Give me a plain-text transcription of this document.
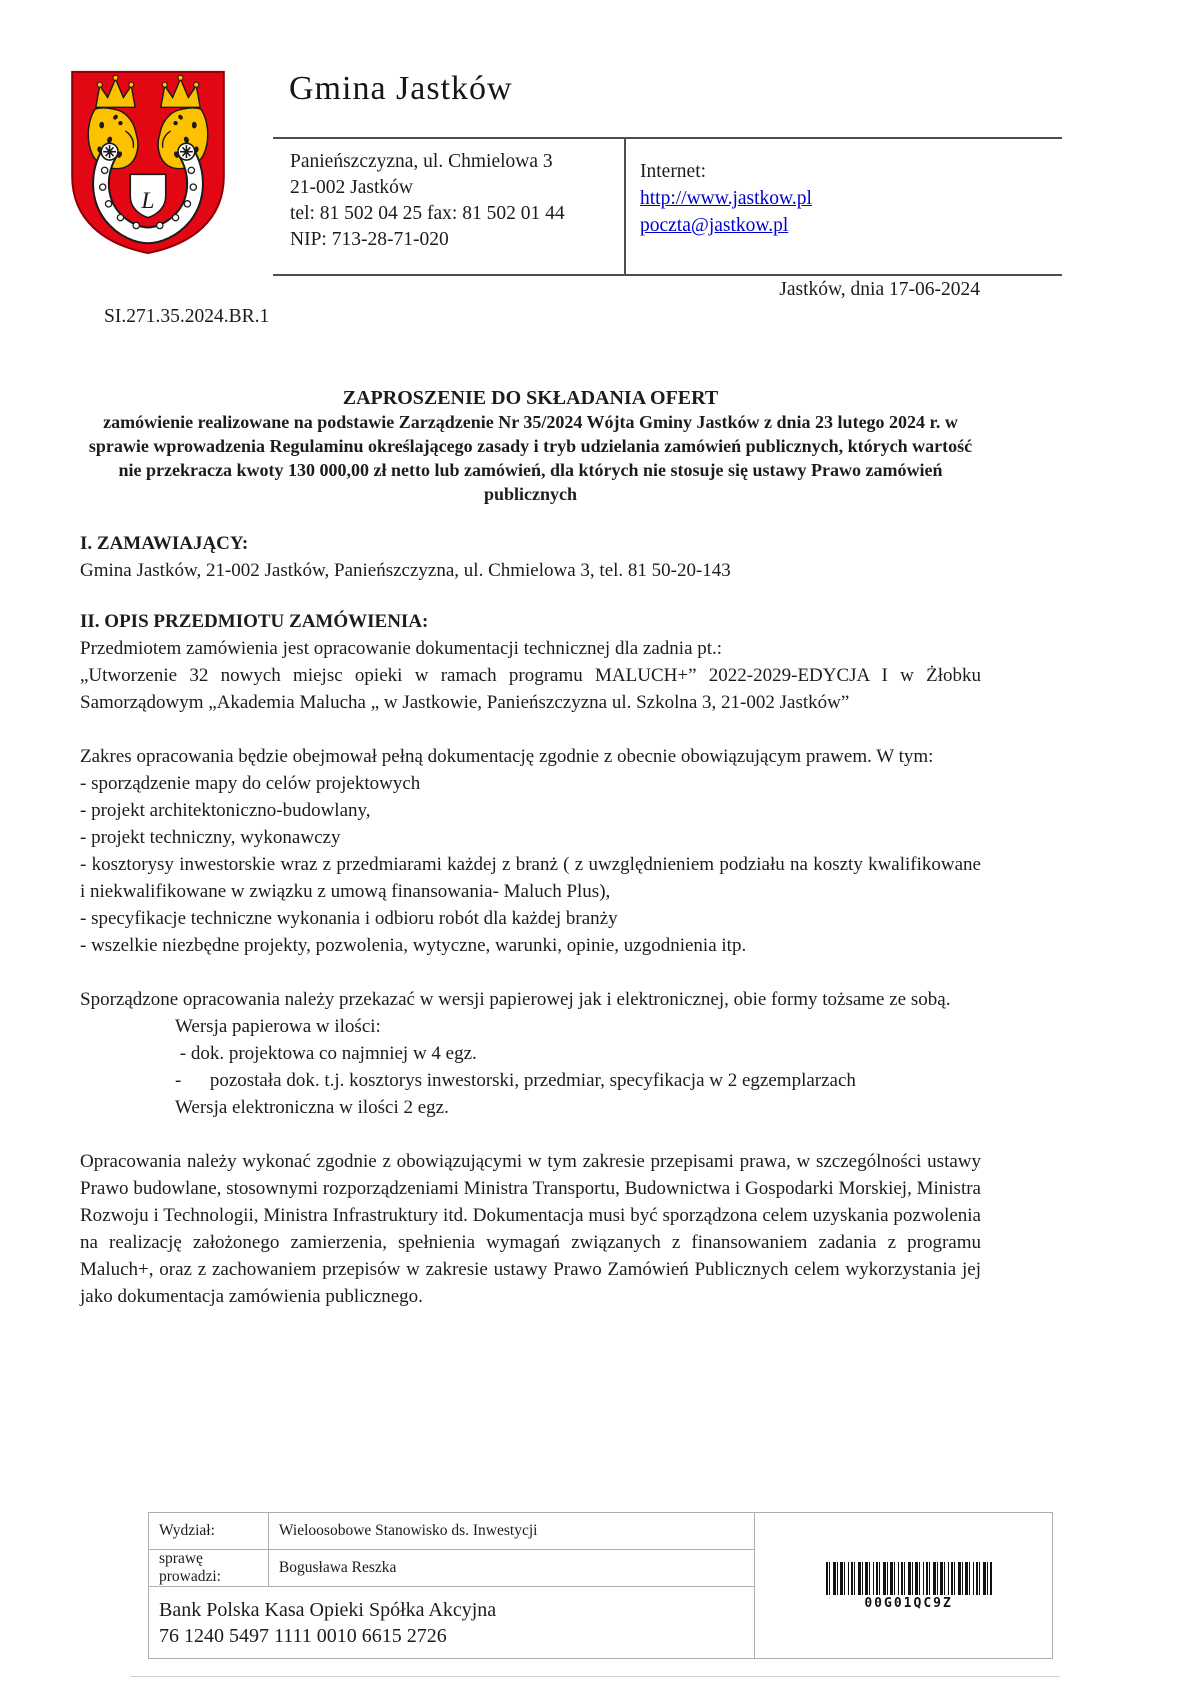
L
Gmina Jastków
Panieńszczyzna, ul. Chmielowa 3
21-002 Jastków
tel: 81 502 04 25 fax: 81 502 01 44
NIP: 713-28-71-020
Internet:
http://www.jastkow.pl
poczta@jastkow.pl
Jastków, dnia 17-06-2024
SI.271.35.2024.BR.1
ZAPROSZENIE DO SKŁADANIA OFERT
zamówienie realizowane na podstawie Zarządzenie Nr 35/2024 Wójta Gminy Jastków z dnia 23 lutego 2024 r. w sprawie wprowadzenia Regulaminu określającego zasady i tryb udzielania zamówień publicznych, których wartość nie przekracza kwoty 130 000,00 zł netto lub zamówień, dla których nie stosuje się ustawy Prawo zamówień publicznych
I. ZAMAWIAJĄCY:
Gmina Jastków, 21-002 Jastków, Panieńszczyzna, ul. Chmielowa 3, tel. 81 50-20-143
II. OPIS PRZEDMIOTU ZAMÓWIENIA:
Przedmiotem zamówienia jest opracowanie dokumentacji technicznej dla zadnia pt.:
„Utworzenie 32 nowych miejsc opieki w ramach programu MALUCH+” 2022-2029-EDYCJA I w Żłobku Samorządowym „Akademia Malucha „ w Jastkowie, Panieńszczyzna ul. Szkolna 3, 21-002 Jastków”
Zakres opracowania będzie obejmował pełną dokumentację zgodnie z obecnie obowiązującym prawem. W tym:
- sporządzenie mapy do celów projektowych
- projekt architektoniczno-budowlany,
- projekt techniczny, wykonawczy
- kosztorysy inwestorskie wraz z przedmiarami każdej z branż ( z uwzględnieniem podziału na koszty kwalifikowane i niekwalifikowane w związku z umową finansowania- Maluch Plus),
- specyfikacje techniczne wykonania i odbioru robót dla każdej branży
- wszelkie niezbędne projekty, pozwolenia, wytyczne, warunki, opinie, uzgodnienia itp.
Sporządzone opracowania należy przekazać w wersji papierowej jak i elektronicznej, obie formy tożsame ze sobą.
Wersja papierowa w ilości:
- dok. projektowa co najmniej w 4 egz.
-      pozostała dok. t.j. kosztorys inwestorski, przedmiar, specyfikacja w 2 egzemplarzach
Wersja elektroniczna w ilości 2 egz.
Opracowania należy wykonać zgodnie z obowiązującymi w tym zakresie przepisami prawa, w szczególności ustawy Prawo budowlane, stosownymi rozporządzeniami Ministra Transportu, Budownictwa i Gospodarki Morskiej, Ministra Rozwoju i Technologii, Ministra Infrastruktury itd. Dokumentacja musi być sporządzona celem uzyskania pozwolenia na realizację założonego zamierzenia, spełnienia wymagań związanych z finansowaniem zadania z programu Maluch+, oraz z zachowaniem przepisów w zakresie ustawy Prawo Zamówień Publicznych celem wykorzystania jej jako dokumentacja zamówienia publicznego.
Wydział:	Wieloosobowe Stanowisko ds. Inwestycji	00G01QC9Z

sprawę prowadzi:	Bogusława Reszka	

Bank Polska Kasa Opieki Spółka Akcyjna
76 1240 5497 1111 0010 6615 2726		
